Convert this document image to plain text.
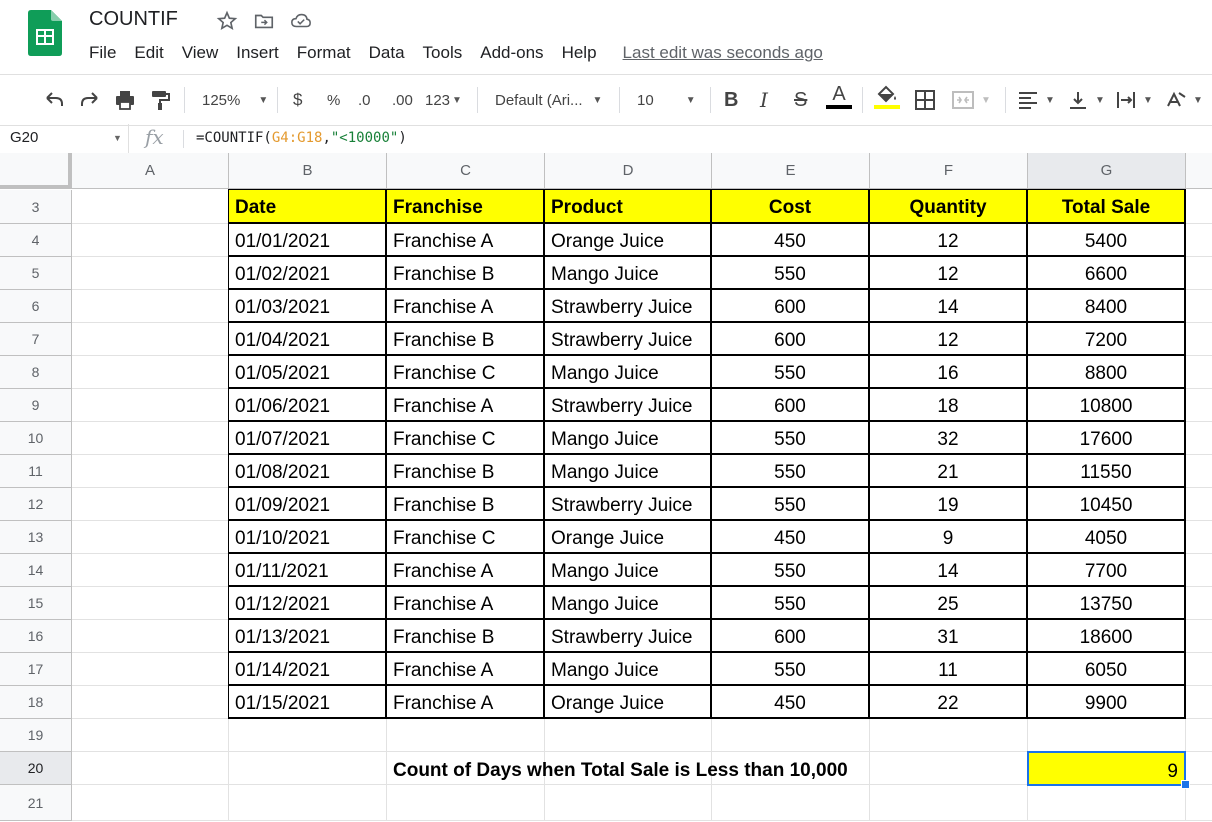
COUNTIF
File Edit View Insert Format Data Tools Add-ons Help Last edit was seconds ago
125% ▼ $ % .0 .00 123 ▼ Default (Ari... ▼ 10	▼ B I S A	▼	▼	▼	▼	▼
G20	▼ fx =COUNTIF(G4:G18,"<10000")
A	B	C	D	E	F	G
3
4
5
6
7
8
9
10
11
12
13
14
15
16
17
18
19
20
21
Date	Franchise	Product	Cost	Quantity	Total Sale
01/01/2021	Franchise A	Orange Juice	450	12	5400
01/02/2021	Franchise B	Mango Juice	550	12	6600
01/03/2021	Franchise A	Strawberry Juice	600	14	8400
01/04/2021	Franchise B	Strawberry Juice	600	12	7200
01/05/2021	Franchise C	Mango Juice	550	16	8800
01/06/2021	Franchise A	Strawberry Juice	600	18	10800
01/07/2021	Franchise C	Mango Juice	550	32	17600
01/08/2021	Franchise B	Mango Juice	550	21	11550
01/09/2021	Franchise B	Strawberry Juice	550	19	10450
01/10/2021	Franchise C	Orange Juice	450	9	4050
01/11/2021	Franchise A	Mango Juice	550	14	7700
01/12/2021	Franchise A	Mango Juice	550	25	13750
01/13/2021	Franchise B	Strawberry Juice	600	31	18600
01/14/2021	Franchise A	Mango Juice	550	11	6050
01/15/2021	Franchise A	Orange Juice	450	22	9900
Count of Days when Total Sale is Less than 10,000	9
